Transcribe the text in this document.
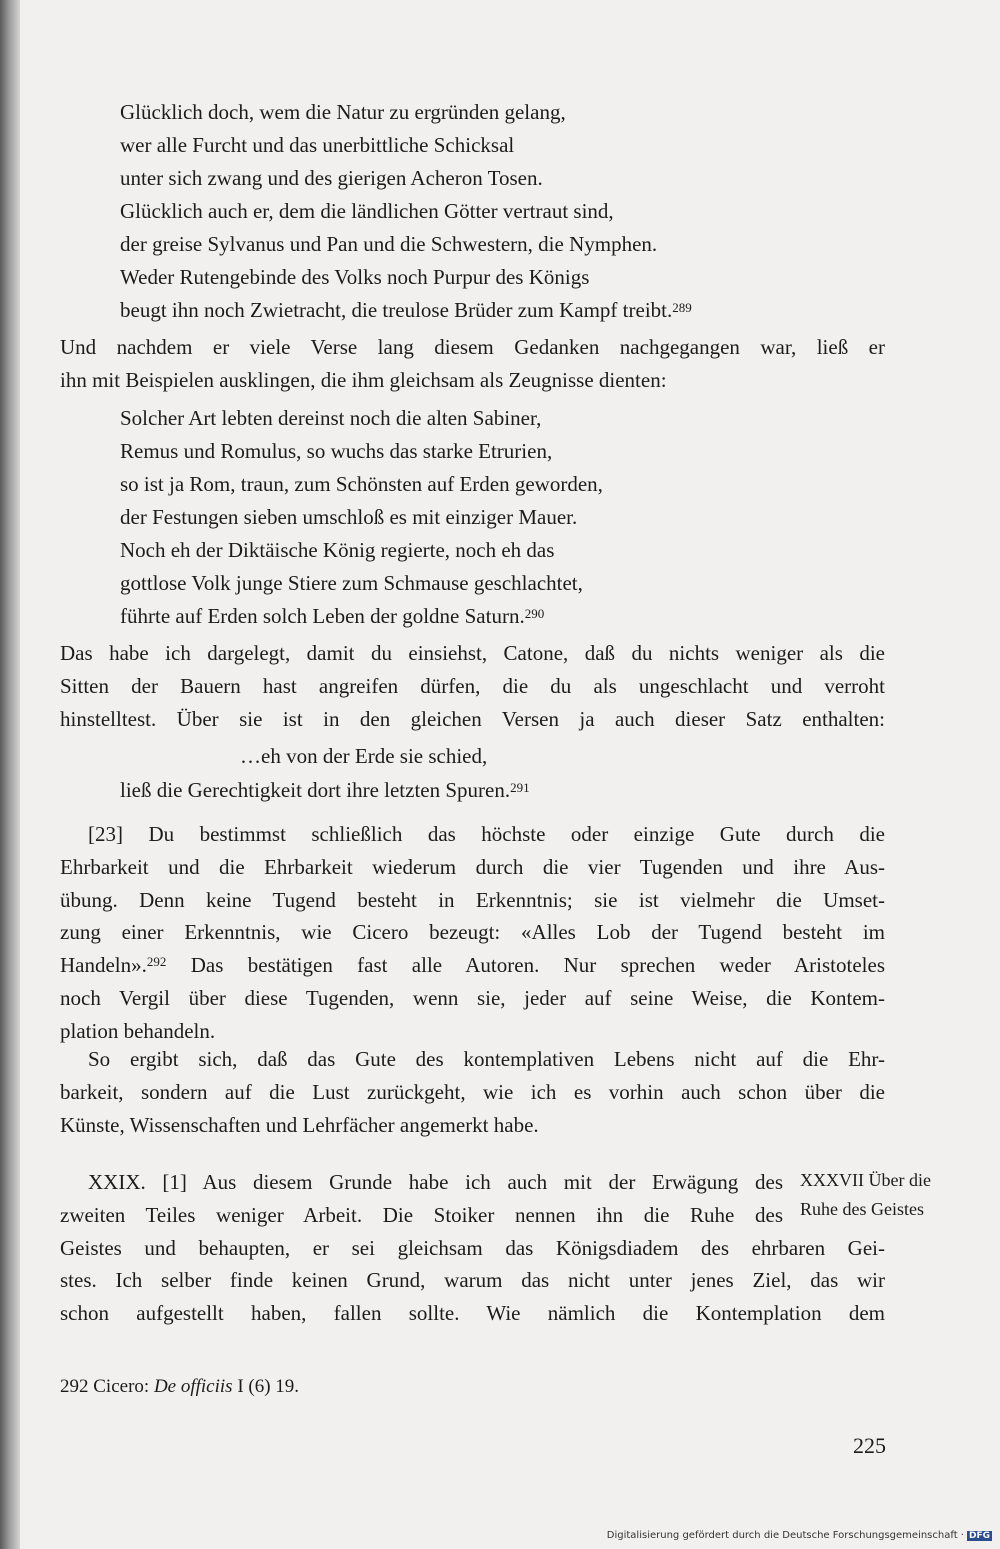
Glücklich doch, wem die Natur zu ergründen gelang,
wer alle Furcht und das unerbittliche Schicksal
unter sich zwang und des gierigen Acheron Tosen.
Glücklich auch er, dem die ländlichen Götter vertraut sind,
der greise Sylvanus und Pan und die Schwestern, die Nymphen.
Weder Rutengebinde des Volks noch Purpur des Königs
beugt ihn noch Zwietracht, die treulose Brüder zum Kampf treibt.$^{289}$
Und nachdem er viele Verse lang diesem Gedanken nachgegangen war, ließ er
ihn mit Beispielen ausklingen, die ihm gleichsam als Zeugnisse dienten:
Solcher Art lebten dereinst noch die alten Sabiner,
Remus und Romulus, so wuchs das starke Etrurien,
so ist ja Rom, traun, zum Schönsten auf Erden geworden,
der Festungen sieben umschloß es mit einziger Mauer.
Noch eh der Diktäische König regierte, noch eh das
gottlose Volk junge Stiere zum Schmause geschlachtet,
führte auf Erden solch Leben der goldne Saturn.$^{290}$
Das habe ich dargelegt, damit du einsiehst, Catone, daß du nichts weniger als die
Sitten der Bauern hast angreifen dürfen, die du als ungeschlacht und verroht
hinstelltest. Über sie ist in den gleichen Versen ja auch dieser Satz enthalten:
…eh von der Erde sie schied,
ließ die Gerechtigkeit dort ihre letzten Spuren.$^{291}$
[23] Du bestimmst schließlich das höchste oder einzige Gute durch die
Ehrbarkeit und die Ehrbarkeit wiederum durch die vier Tugenden und ihre Aus-
übung. Denn keine Tugend besteht in Erkenntnis; sie ist vielmehr die Umset-
zung einer Erkenntnis, wie Cicero bezeugt: «Alles Lob der Tugend besteht im
Handeln».$^{292}$ Das bestätigen fast alle Autoren. Nur sprechen weder Aristoteles
noch Vergil über diese Tugenden, wenn sie, jeder auf seine Weise, die Kontem-
plation behandeln.
So ergibt sich, daß das Gute des kontemplativen Lebens nicht auf die Ehr-
barkeit, sondern auf die Lust zurückgeht, wie ich es vorhin auch schon über die
Künste, Wissenschaften und Lehrfächer angemerkt habe.
XXIX. [1] Aus diesem Grunde habe ich auch mit der Erwägung des
zweiten Teiles weniger Arbeit. Die Stoiker nennen ihn die Ruhe des
Geistes und behaupten, er sei gleichsam das Königsdiadem des ehrbaren Gei-
stes. Ich selber finde keinen Grund, warum das nicht unter jenes Ziel, das wir
schon aufgestellt haben, fallen sollte. Wie nämlich die Kontemplation dem
XXXVII Über die
Ruhe des Geistes
292 Cicero: De officiis I (6) 19.
225
Digitalisierung gefördert durch die Deutsche Forschungsgemeinschaft · DFG
